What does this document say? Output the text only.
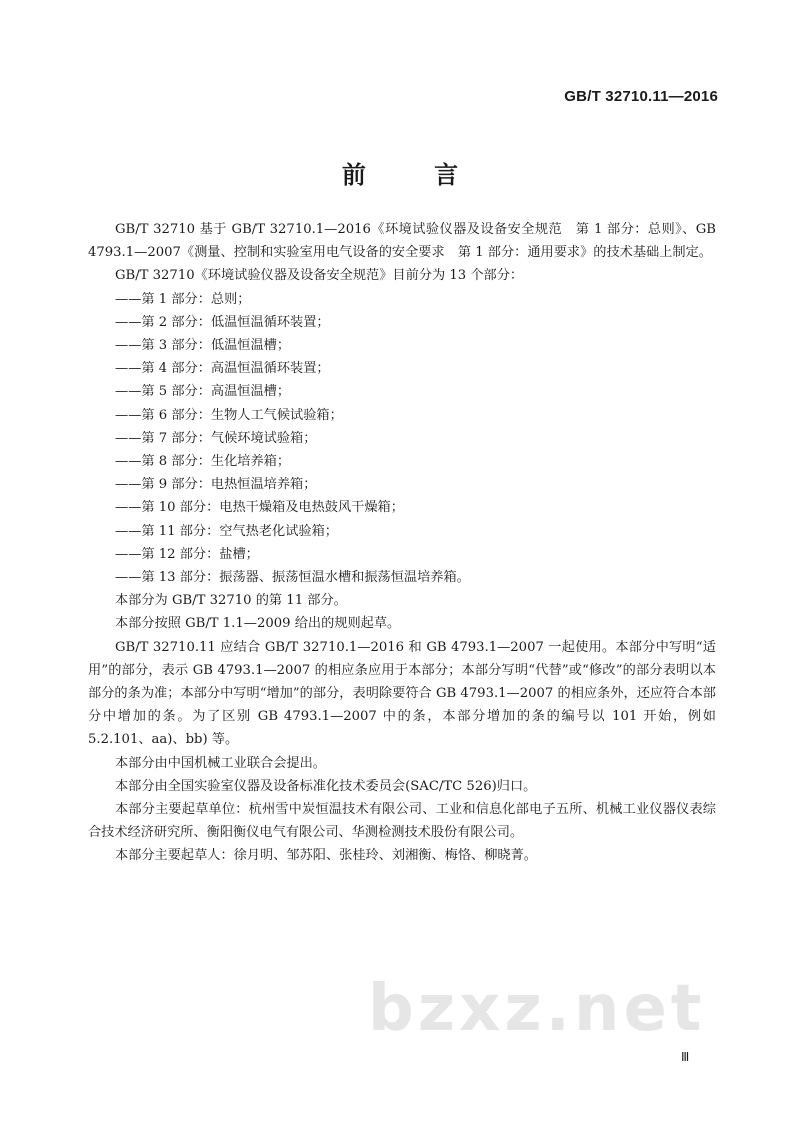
GB/T 32710.11—2016
前 言

GB/T 32710 基于 GB/T 32710.1—2016《环境试验仪器及设备安全规范　第 1 部分：总则》、GB 4793.1—2007《测量、控制和实验室用电气设备的安全要求　第 1 部分：通用要求》的技术基础上制定。

GB/T 32710《环境试验仪器及设备安全规范》目前分为 13 个部分：

——第 1 部分：总则；

——第 2 部分：低温恒温循环装置；

——第 3 部分：低温恒温槽；

——第 4 部分：高温恒温循环装置；

——第 5 部分：高温恒温槽；

——第 6 部分：生物人工气候试验箱；

——第 7 部分：气候环境试验箱；

——第 8 部分：生化培养箱；

——第 9 部分：电热恒温培养箱；

——第 10 部分：电热干燥箱及电热鼓风干燥箱；

——第 11 部分：空气热老化试验箱；

——第 12 部分：盐槽；

——第 13 部分：振荡器、振荡恒温水槽和振荡恒温培养箱。

本部分为 GB/T 32710 的第 11 部分。

本部分按照 GB/T 1.1—2009 给出的规则起草。

GB/T 32710.11 应结合 GB/T 32710.1—2016 和 GB 4793.1—2007 一起使用。本部分中写明“适用”的部分，表示 GB 4793.1—2007 的相应条应用于本部分；本部分写明“代替”或“修改”的部分表明以本部分的条为准；本部分中写明“增加”的部分，表明除要符合 GB 4793.1—2007 的相应条外，还应符合本部分中增加的条。为了区别 GB 4793.1—2007 中的条，本部分增加的条的编号以 101 开始，例如 5.2.101、aa)、bb) 等。

本部分由中国机械工业联合会提出。

本部分由全国实验室仪器及设备标准化技术委员会(SAC/TC 526)归口。

本部分主要起草单位：杭州雪中炭恒温技术有限公司、工业和信息化部电子五所、机械工业仪器仪表综合技术经济研究所、衡阳衡仪电气有限公司、华测检测技术股份有限公司。

本部分主要起草人：徐月明、邹苏阳、张桂玲、刘湘衡、梅恪、柳晓菁。

bzxz.net
Ⅲ
